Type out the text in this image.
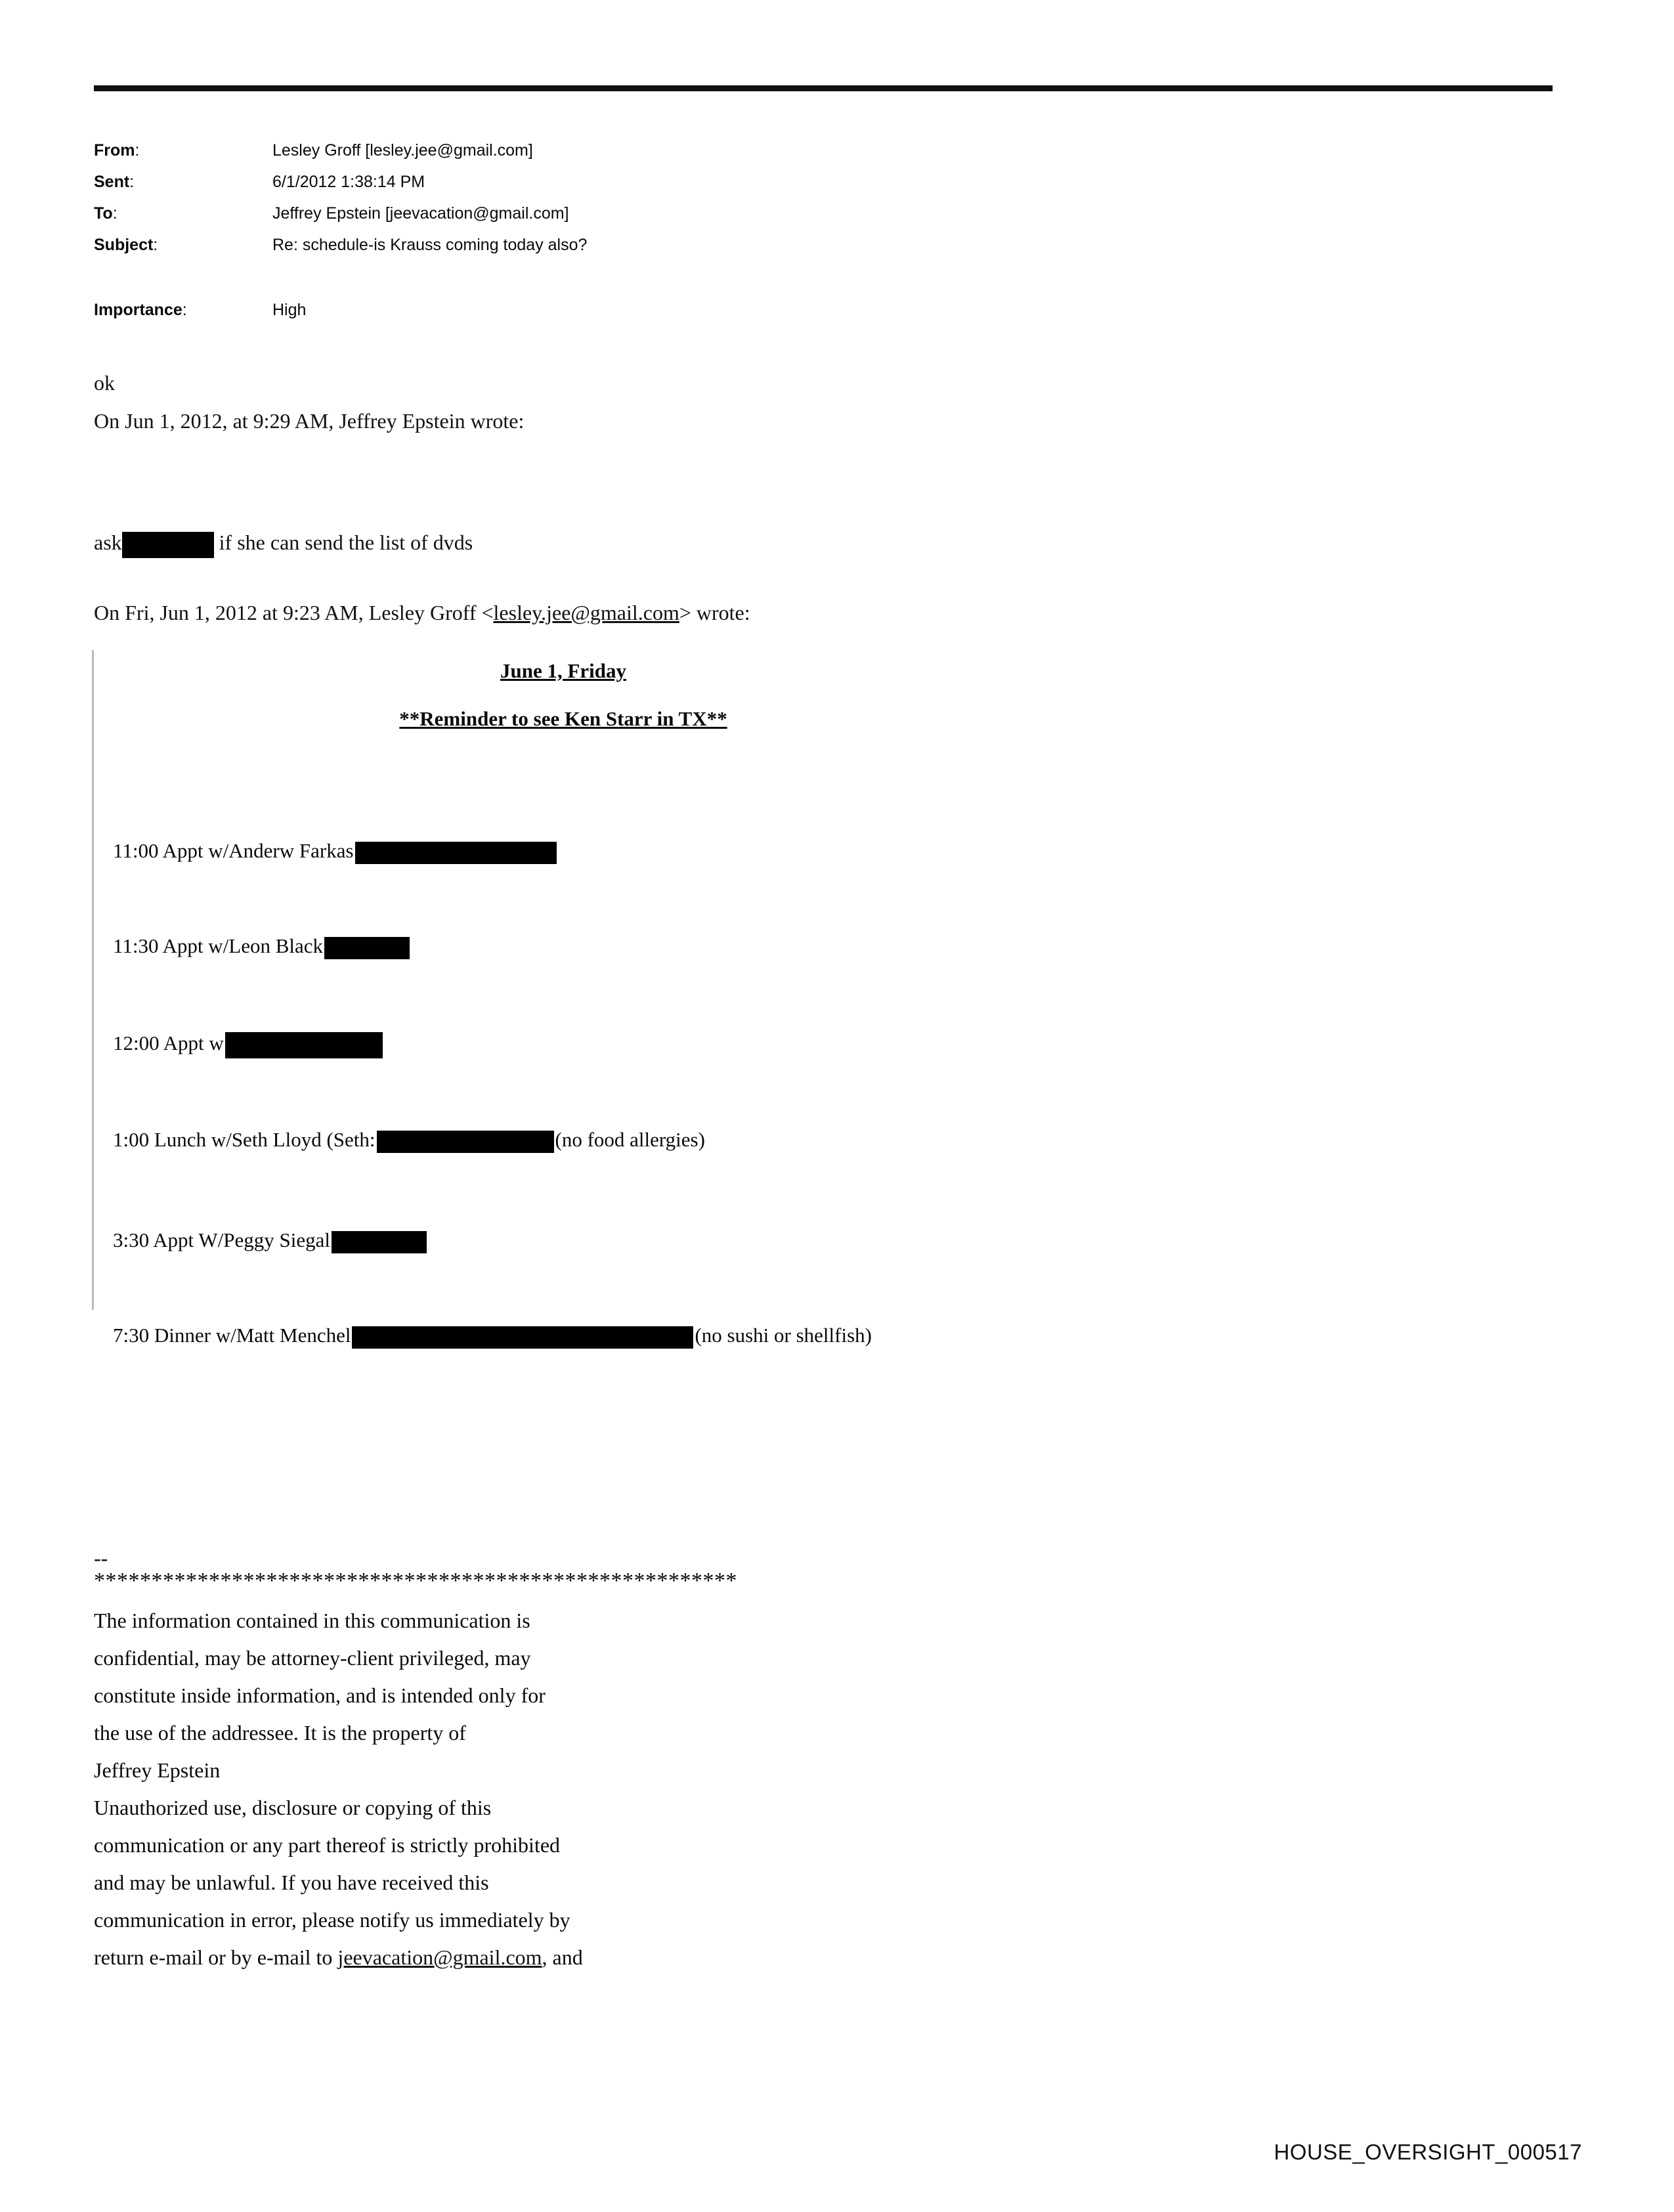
From:	Lesley Groff [lesley.jee@gmail.com]
Sent:	6/1/2012 1:38:14 PM
To:	Jeffrey Epstein [jeevacation@gmail.com]
Subject:	Re: schedule-is Krauss coming today also?
Importance:	High
ok
On Jun 1, 2012, at 9:29 AM, Jeffrey Epstein wrote:
ask	if she can send the list of dvds
On Fri, Jun 1, 2012 at 9:23 AM, Lesley Groff <lesley.jee@gmail.com> wrote:
June 1, Friday
**Reminder to see Ken Starr in TX**
11:00 Appt w/Anderw Farkas
11:30 Appt w/Leon Black
12:00 Appt w
1:00 Lunch w/Seth Lloyd (Seth:	(no food allergies)
3:30 Appt W/Peggy Siegal
7:30 Dinner w/Matt Menchel	(no sushi or shellfish)
--
********************************************************
The information contained in this communication is
confidential, may be attorney-client privileged, may
constitute inside information, and is intended only for
the use of the addressee. It is the property of
Jeffrey Epstein
Unauthorized use, disclosure or copying of this
communication or any part thereof is strictly prohibited
and may be unlawful. If you have received this
communication in error, please notify us immediately by
return e-mail or by e-mail to jeevacation@gmail.com, and
HOUSE_OVERSIGHT_000517
